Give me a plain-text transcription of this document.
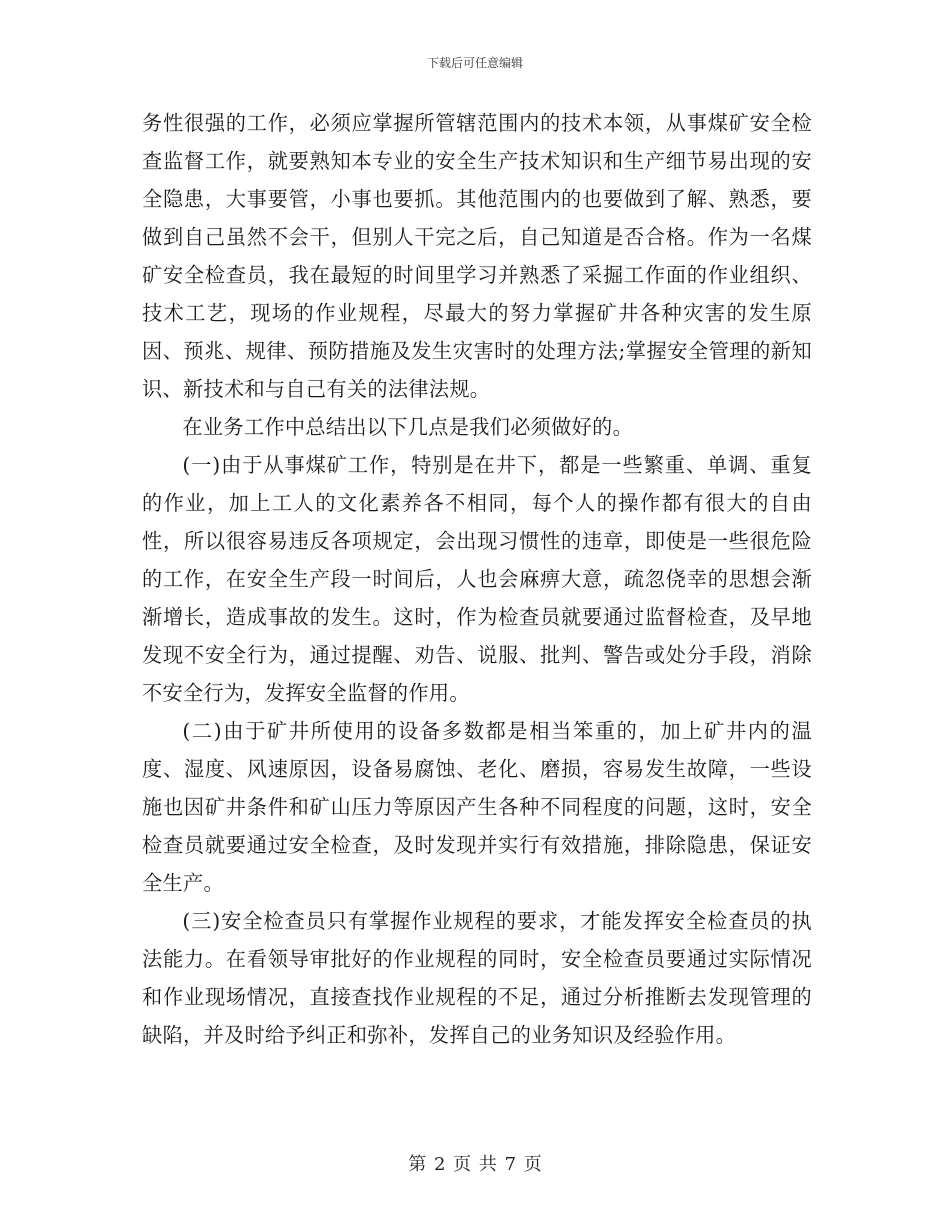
下载后可任意编辑

务性很强的工作，必须应掌握所管辖范围内的技术本领，从事煤矿安全检查监督工作，就要熟知本专业的安全生产技术知识和生产细节易出现的安全隐患，大事要管，小事也要抓。其他范围内的也要做到了解、熟悉，要做到自己虽然不会干，但别人干完之后，自己知道是否合格。作为一名煤矿安全检查员，我在最短的时间里学习并熟悉了采掘工作面的作业组织、技术工艺，现场的作业规程，尽最大的努力掌握矿井各种灾害的发生原因、预兆、规律、预防措施及发生灾害时的处理方法;掌握安全管理的新知识、新技术和与自己有关的法律法规。

在业务工作中总结出以下几点是我们必须做好的。

(一)由于从事煤矿工作，特别是在井下，都是一些繁重、单调、重复的作业，加上工人的文化素养各不相同，每个人的操作都有很大的自由性，所以很容易违反各项规定，会出现习惯性的违章，即使是一些很危险的工作，在安全生产段一时间后，人也会麻痹大意，疏忽侥幸的思想会渐渐增长，造成事故的发生。这时，作为检查员就要通过监督检查，及早地发现不安全行为，通过提醒、劝告、说服、批判、警告或处分手段，消除不安全行为，发挥安全监督的作用。

(二)由于矿井所使用的设备多数都是相当笨重的，加上矿井内的温度、湿度、风速原因，设备易腐蚀、老化、磨损，容易发生故障，一些设施也因矿井条件和矿山压力等原因产生各种不同程度的问题，这时，安全检查员就要通过安全检查，及时发现并实行有效措施，排除隐患，保证安全生产。

(三)安全检查员只有掌握作业规程的要求，才能发挥安全检查员的执法能力。在看领导审批好的作业规程的同时，安全检查员要通过实际情况和作业现场情况，直接查找作业规程的不足，通过分析推断去发现管理的缺陷，并及时给予纠正和弥补，发挥自己的业务知识及经验作用。

第 2 页 共 7 页
